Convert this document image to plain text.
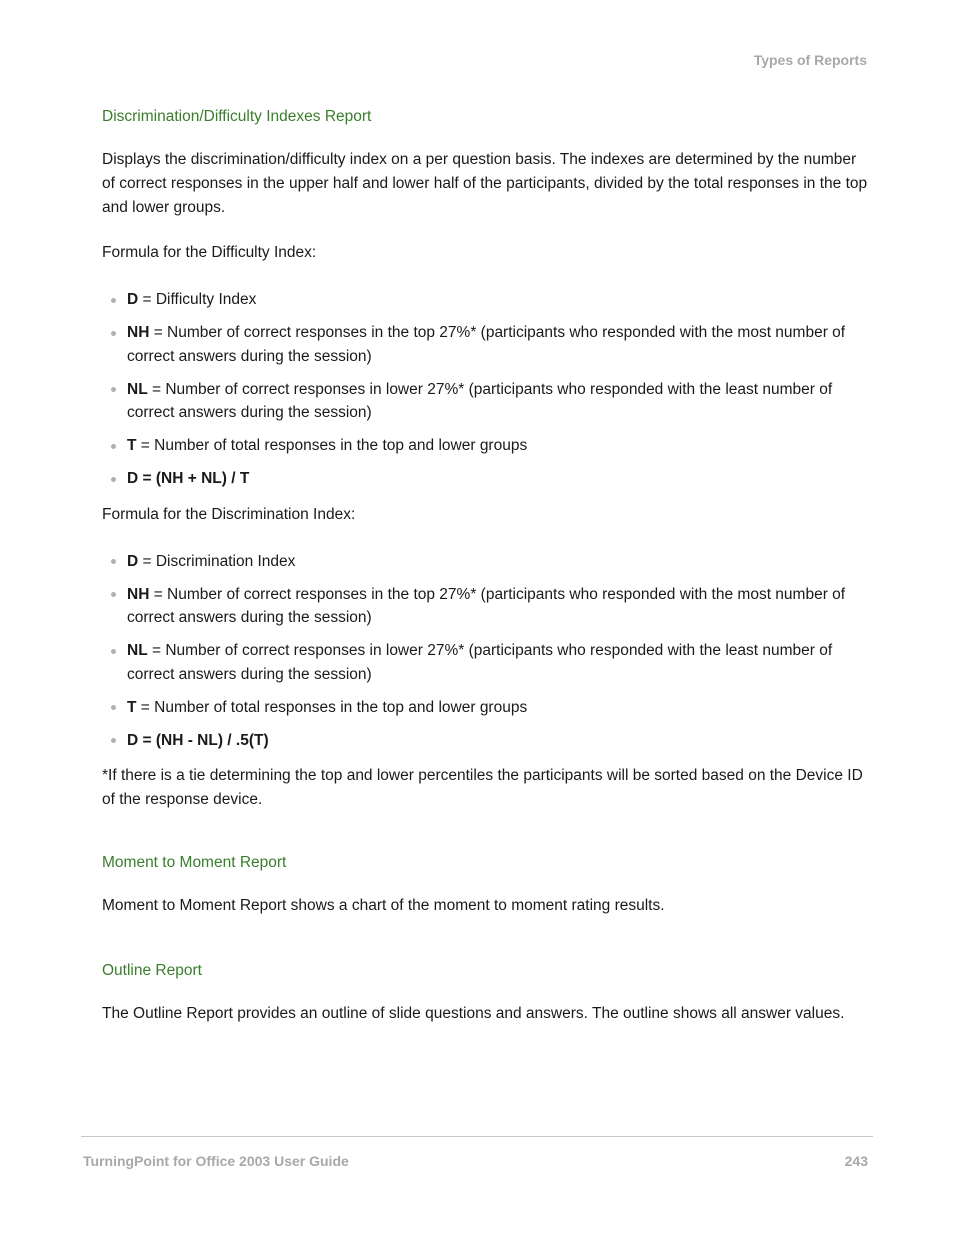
Types of Reports
Discrimination/Difficulty Indexes Report

Displays the discrimination/difficulty index on a per question basis. The indexes are determined by the number of correct responses in the upper half and lower half of the participants, divided by the total responses in the top and lower groups.

Formula for the Difficulty Index:

D = Difficulty Index
NH = Number of correct responses in the top 27%* (participants who responded with the most number of correct answers during the session)
NL = Number of correct responses in lower 27%* (participants who responded with the least number of correct answers during the session)
T = Number of total responses in the top and lower groups
D = (NH + NL) / T

Formula for the Discrimination Index:

D = Discrimination Index
NH = Number of correct responses in the top 27%* (participants who responded with the most number of correct answers during the session)
NL = Number of correct responses in lower 27%* (participants who responded with the least number of correct answers during the session)
T = Number of total responses in the top and lower groups
D = (NH - NL) / .5(T)

*If there is a tie determining the top and lower percentiles the participants will be sorted based on the Device ID of the response device.

Moment to Moment Report

Moment to Moment Report shows a chart of the moment to moment rating results.

Outline Report

The Outline Report provides an outline of slide questions and answers. The outline shows all answer values.

TurningPoint for Office 2003 User Guide	243
